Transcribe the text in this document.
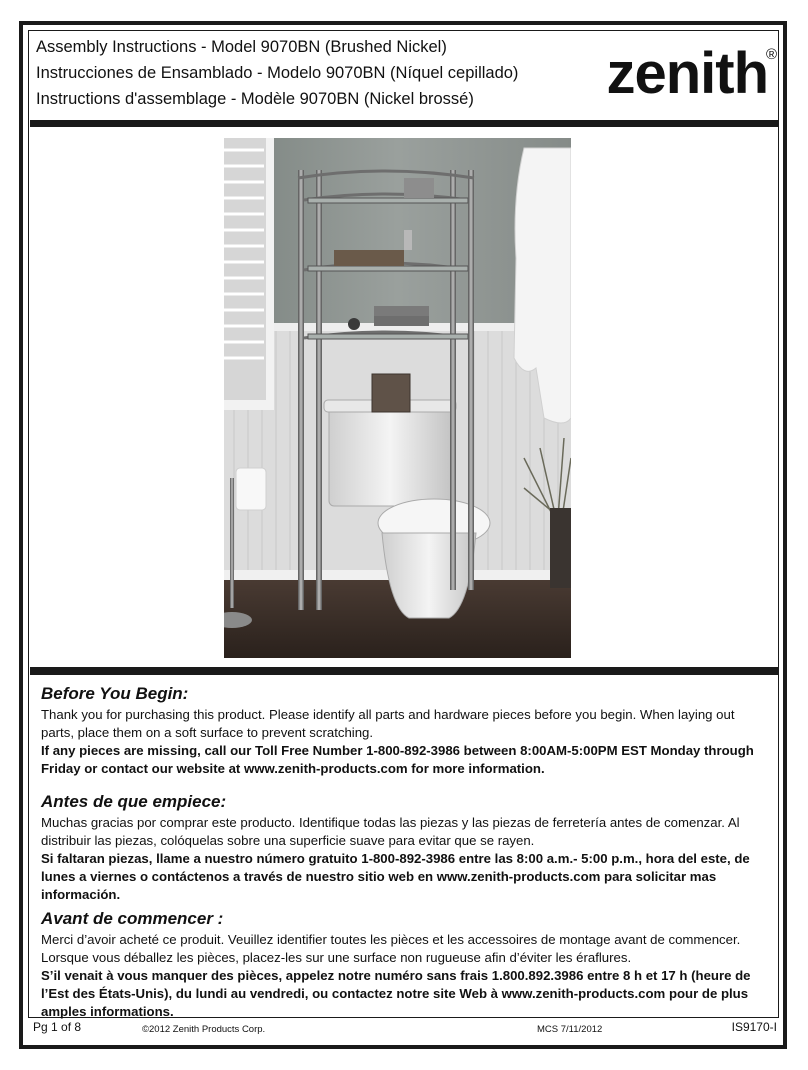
Assembly Instructions - Model 9070BN (Brushed Nickel)
Instrucciones de Ensamblado - Modelo 9070BN (Níquel cepillado)
Instructions d'assemblage - Modèle 9070BN (Nickel brossé) zenith
®
Before You Begin:

Thank you for purchasing this product. Please identify all parts and hardware pieces before you begin. When laying out parts, place them on a soft surface to prevent scratching.

If any pieces are missing, call our Toll Free Number 1-800-892-3986 between 8:00AM-5:00PM EST Monday through Friday or contact our website at www.zenith-products.com for more information.

Antes de que empiece:

Muchas gracias por comprar este producto. Identifique todas las piezas y las piezas de ferretería antes de comenzar. Al distribuir las piezas, colóquelas sobre una superficie suave para evitar que se rayen.

Si faltaran piezas, llame a nuestro número gratuito 1-800-892-3986 entre las 8:00 a.m.- 5:00 p.m., hora del este, de lunes a viernes o contáctenos a través de nuestro sitio web en www.zenith-products.com para solicitar mas información.

Avant de commencer :

Merci d’avoir acheté ce produit. Veuillez identifier toutes les pièces et les accessoires de montage avant de commencer. Lorsque vous déballez les pièces, placez-les sur une surface non rugueuse afin d’éviter les éraflures.

S’il venait à vous manquer des pièces, appelez notre numéro sans frais 1.800.892.3986 entre 8 h et 17 h (heure de l’Est des États-Unis), du lundi au vendredi, ou contactez notre site Web à www.zenith-products.com pour de plus amples informations.

Pg 1 of 8	©2012 Zenith Products Corp.	MCS 7/11/2012	IS9170-I
